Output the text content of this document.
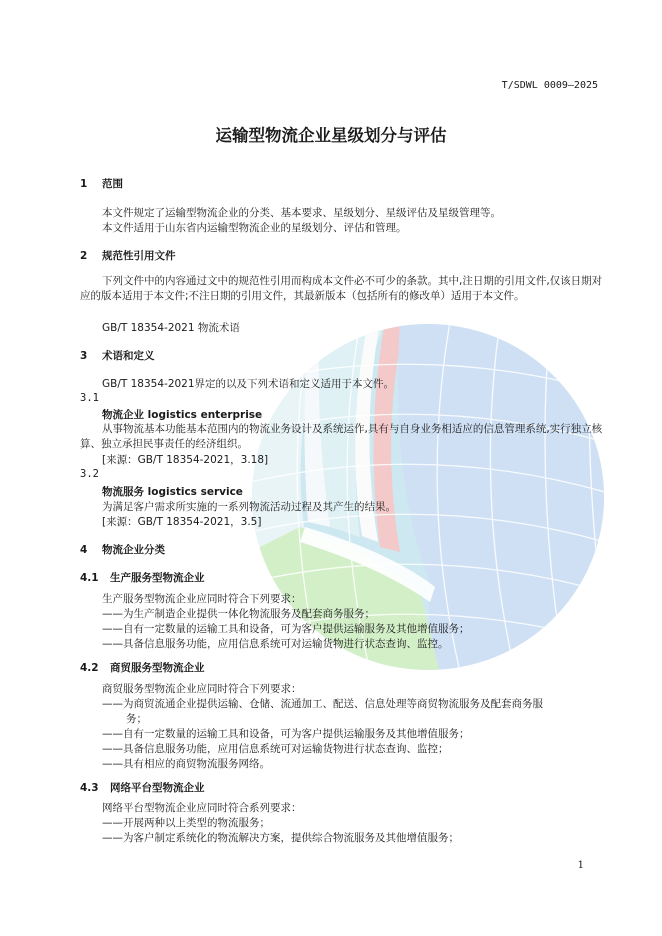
T/SDWL 0009—2025
运输型物流企业星级划分与评估
1 范围
本文件规定了运输型物流企业的分类、基本要求、星级划分、星级评估及星级管理等。
本文件适用于山东省内运输型物流企业的星级划分、评估和管理。
2 规范性引用文件
下列文件中的内容通过文中的规范性引用而构成本文件必不可少的条款。其中,注日期的引用文件,仅该日期对应的版本适用于本文件;不注日期的引用文件，其最新版本（包括所有的修改单）适用于本文件。
GB/T 18354-2021 物流术语
3 术语和定义
GB/T 18354-2021界定的以及下列术语和定义适用于本文件。
3.1
物流企业 logistics enterprise
从事物流基本功能基本范围内的物流业务设计及系统运作,具有与自身业务相适应的信息管理系统,实行独立核算、独立承担民事责任的经济组织。
[来源：GB/T 18354-2021，3.18]
3.2
物流服务 logistics service
为满足客户需求所实施的一系列物流活动过程及其产生的结果。
[来源：GB/T 18354-2021，3.5]
4 物流企业分类
4.1 生产服务型物流企业
生产服务型物流企业应同时符合下列要求：
——为生产制造企业提供一体化物流服务及配套商务服务；
——自有一定数量的运输工具和设备，可为客户提供运输服务及其他增值服务；
——具备信息服务功能，应用信息系统可对运输货物进行状态查询、监控。
4.2 商贸服务型物流企业
商贸服务型物流企业应同时符合下列要求：
——为商贸流通企业提供运输、仓储、流通加工、配送、信息处理等商贸物流服务及配套商务服
务；
——自有一定数量的运输工具和设备，可为客户提供运输服务及其他增值服务；
——具备信息服务功能，应用信息系统可对运输货物进行状态查询、监控；
——具有相应的商贸物流服务网络。
4.3 网络平台型物流企业
网络平台型物流企业应同时符合系列要求：
——开展两种以上类型的物流服务；
——为客户制定系统化的物流解决方案，提供综合物流服务及其他增值服务；
1
